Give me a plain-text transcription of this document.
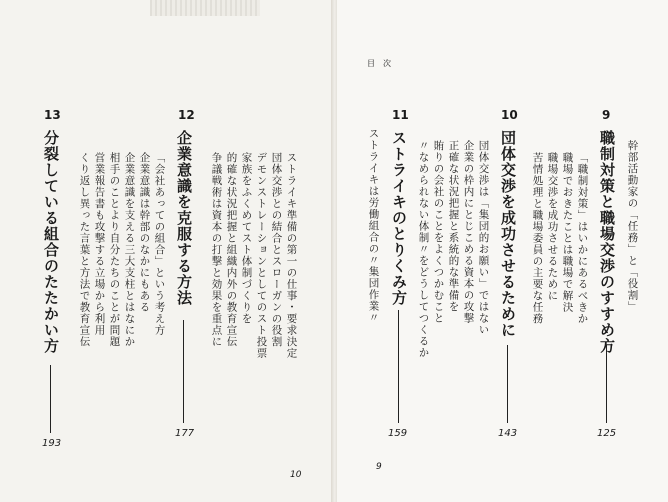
目次
幹部活動家の「任務」と「役割」
9
職制対策と職場交渉のすすめ方
125
「職制対策」はいかにあるべきか
職場でおきたことは職場で解決
職場交渉を成功させるために
苦情処理と職場委員の主要な任務
10
団体交渉を成功させるために
143
団体交渉は「集団的お願い」ではない
企業の枠内にとじこめる資本の攻撃
正確な状況把握と系統的な準備を
賄りの会社のことをよくつかむこと
〃なめられない体制〃をどうしてつくるか
11
ストライキのとりくみ方
159
ストライキは労働組合の〃集団作業〃
ストライキ準備の第一の仕事・要求決定
団体交渉との結合とスローガンの役割
デモンストレーションとしてのスト投票
家族をふくめてスト体制づくりを
的確な状況把握と組織内外の教育宣伝
争議戦術は資本の打撃と効果を重点に
12
企業意識を克服する方法
177
「会社あっての組合」という考え方
企業意識は幹部のなかにもある
企業意識を支える三大支柱とはなにか
相手のことより自分たちのことが問題
営業報告書も攻撃する立場から利用
くり返し異った言葉と方法で教育宣伝
13
分裂している組合のたたかい方
193
10
9
